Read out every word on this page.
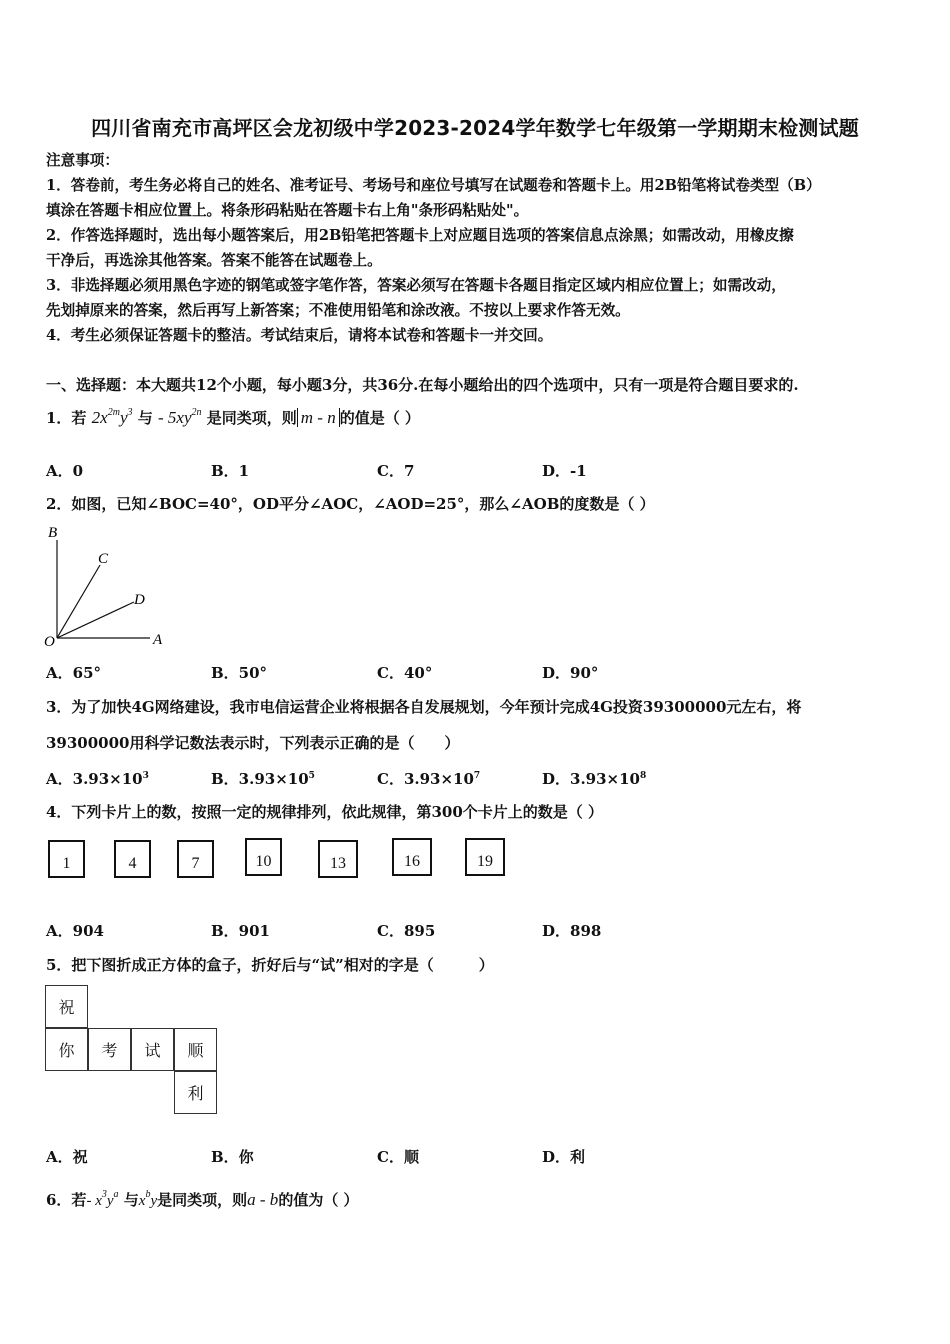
四川省南充市高坪区会龙初级中学2023-2024学年数学七年级第一学期期末检测试题
注意事项：
1．答卷前，考生务必将自己的姓名、准考证号、考场号和座位号填写在试题卷和答题卡上。用2B铅笔将试卷类型（B）
填涂在答题卡相应位置上。将条形码粘贴在答题卡右上角"条形码粘贴处"。
2．作答选择题时，选出每小题答案后，用2B铅笔把答题卡上对应题目选项的答案信息点涂黑；如需改动，用橡皮擦
干净后，再选涂其他答案。答案不能答在试题卷上。
3．非选择题必须用黑色字迹的钢笔或签字笔作答，答案必须写在答题卡各题目指定区域内相应位置上；如需改动，
先划掉原来的答案，然后再写上新答案；不准使用铅笔和涂改液。不按以上要求作答无效。
4．考生必须保证答题卡的整洁。考试结束后，请将本试卷和答题卡一并交回。
一、选择题：本大题共12个小题，每小题3分，共36分.在每小题给出的四个选项中，只有一项是符合题目要求的.
1．若 $2x^{2m}y^3$ 与 - $5xy^{2n}$ 是同类项，则 m - n 的值是（ ）
A．0	B．1	C．7	D．-1
2．如图，已知∠BOC=40°，OD平分∠AOC，∠AOD=25°，那么∠AOB的度数是（ ）
B
C
D
O	A
A．65°	B．50°	C．40°	D．90°
3．为了加快4G网络建设，我市电信运营企业将根据各自发展规划，今年预计完成4G投资39300000元左右，将
39300000用科学记数法表示时，下列表示正确的是（　　）
A．$3.93\times 10^3$	B．$3.93\times 10^5$	C．$3.93\times 10^7$	D．$3.93\times 10^8$
4．下列卡片上的数，按照一定的规律排列，依此规律，第300个卡片上的数是（ ）
1	4	7	10	13	16	19
A．904	B．901	C．895	D．898
5．把下图折成正方体的盒子，折好后与“试”相对的字是（　　　）
祝
你	考	试	顺
利
A．祝	B．你	C．顺	D．利
6．若- $x^3y^a$ 与$x^by$是同类项，则a - b的值为（ ）
